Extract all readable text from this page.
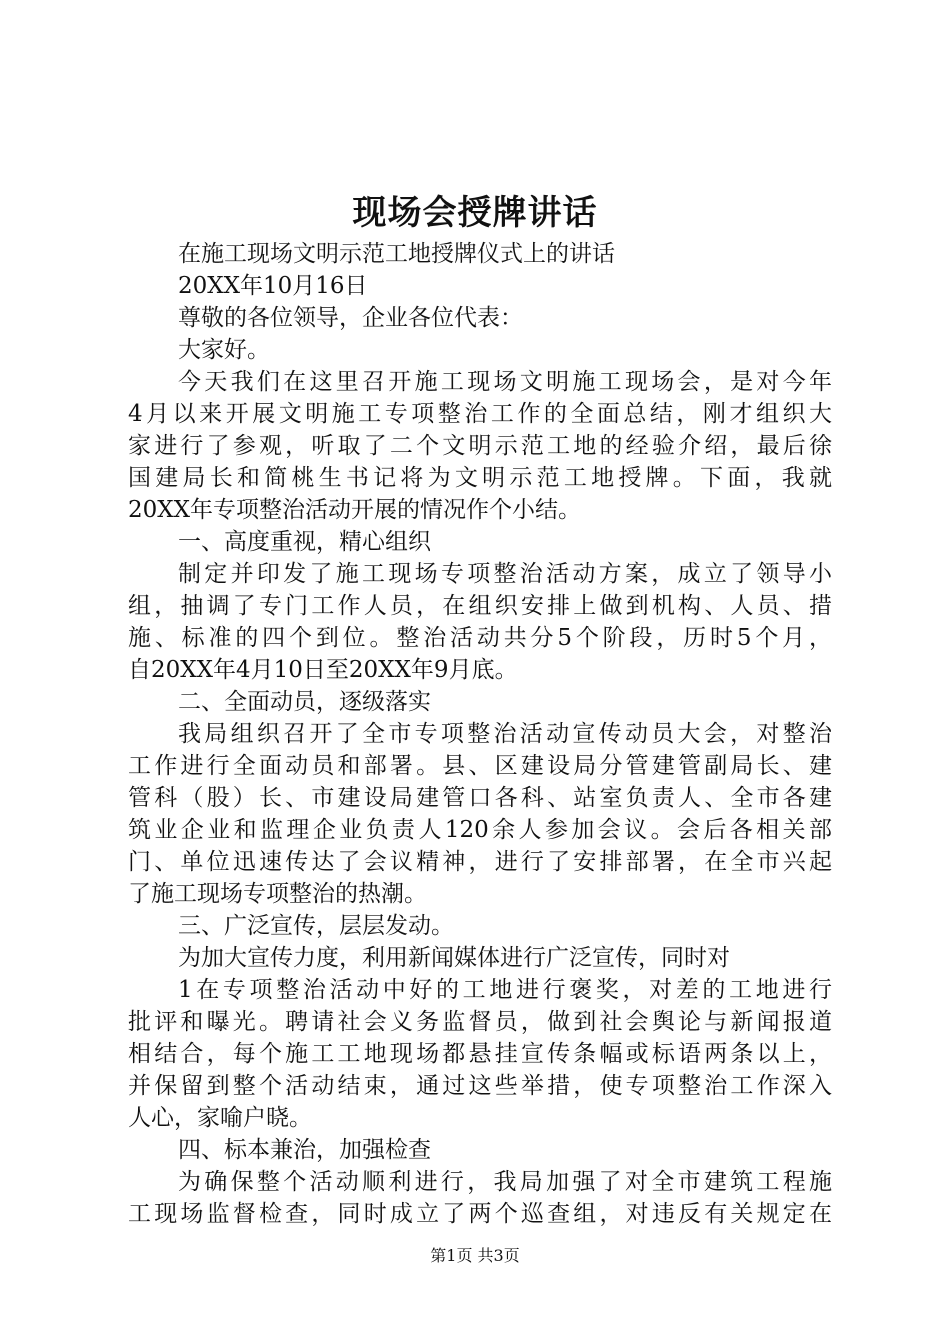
现场会授牌讲话
在施工现场文明示范工地授牌仪式上的讲话
20XX年10月16日
尊敬的各位领导，企业各位代表：
大家好。
今天我们在这里召开施工现场文明施工现场会，是对今年
4月以来开展文明施工专项整治工作的全面总结，刚才组织大
家进行了参观，听取了二个文明示范工地的经验介绍，最后徐
国建局长和简桃生书记将为文明示范工地授牌。下面，我就
20XX年专项整治活动开展的情况作个小结。
一、高度重视，精心组织
制定并印发了施工现场专项整治活动方案，成立了领导小
组，抽调了专门工作人员，在组织安排上做到机构、人员、措
施、标准的四个到位。整治活动共分5个阶段，历时5个月，
自20XX年4月10日至20XX年9月底。
二、全面动员，逐级落实
我局组织召开了全市专项整治活动宣传动员大会，对整治
工作进行全面动员和部署。县、区建设局分管建管副局长、建
管科（股）长、市建设局建管口各科、站室负责人、全市各建
筑业企业和监理企业负责人120余人参加会议。会后各相关部
门、单位迅速传达了会议精神，进行了安排部署，在全市兴起
了施工现场专项整治的热潮。
三、广泛宣传，层层发动。
为加大宣传力度，利用新闻媒体进行广泛宣传，同时对
1在专项整治活动中好的工地进行褒奖，对差的工地进行
批评和曝光。聘请社会义务监督员，做到社会舆论与新闻报道
相结合，每个施工工地现场都悬挂宣传条幅或标语两条以上，
并保留到整个活动结束，通过这些举措，使专项整治工作深入
人心，家喻户晓。
四、标本兼治，加强检查
为确保整个活动顺利进行，我局加强了对全市建筑工程施
工现场监督检查，同时成立了两个巡查组，对违反有关规定在
第1页 共3页
